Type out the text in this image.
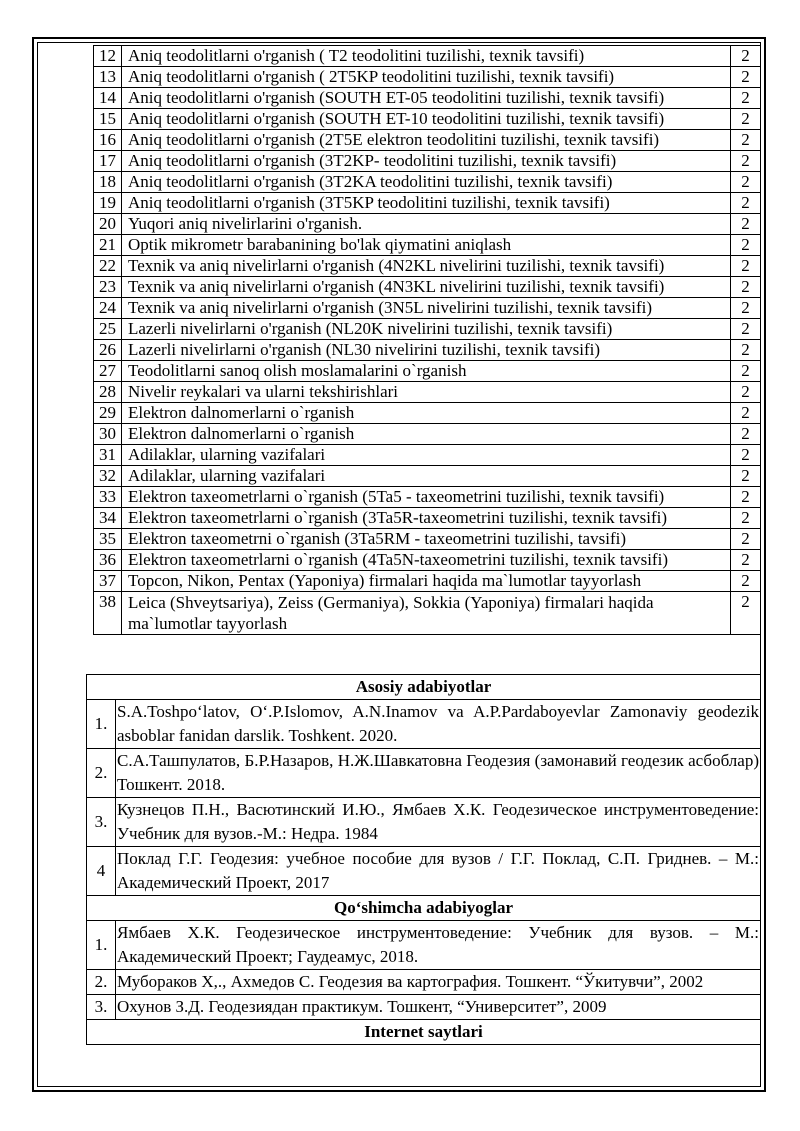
12	Aniq teodolitlarni o'rganish ( T2 teodolitini tuzilishi, texnik tavsifi)	2
13	Aniq teodolitlarni o'rganish ( 2T5KP teodolitini tuzilishi, texnik tavsifi)	2
14	Aniq teodolitlarni o'rganish (SOUTH ET-05 teodolitini tuzilishi, texnik tavsifi)	2
15	Aniq teodolitlarni o'rganish (SOUTH ET-10 teodolitini tuzilishi, texnik tavsifi)	2
16	Aniq teodolitlarni o'rganish (2T5E elektron teodolitini tuzilishi, texnik tavsifi)	2
17	Aniq teodolitlarni o'rganish (3T2KP- teodolitini tuzilishi, texnik tavsifi)	2
18	Aniq teodolitlarni o'rganish (3T2KA teodolitini tuzilishi, texnik tavsifi)	2
19	Aniq teodolitlarni o'rganish (3T5KP teodolitini tuzilishi, texnik tavsifi)	2
20	Yuqori aniq nivelirlarini o'rganish.	2
21	Optik mikrometr barabanining bo'lak qiymatini aniqlash	2
22	Texnik va aniq nivelirlarni o'rganish (4N2KL nivelirini tuzilishi, texnik tavsifi)	2
23	Texnik va aniq nivelirlarni o'rganish (4N3KL nivelirini tuzilishi, texnik tavsifi)	2
24	Texnik va aniq nivelirlarni o'rganish (3N5L nivelirini tuzilishi, texnik tavsifi)	2
25	Lazerli nivelirlarni o'rganish (NL20K nivelirini tuzilishi, texnik tavsifi)	2
26	Lazerli nivelirlarni o'rganish (NL30 nivelirini tuzilishi, texnik tavsifi)	2
27	Teodolitlarni sanoq olish moslamalarini o`rganish	2
28	Nivelir reykalari va ularni tekshirishlari	2
29	Elektron dalnomerlarni o`rganish	2
30	Elektron dalnomerlarni o`rganish	2
31	Adilaklar, ularning vazifalari	2
32	Adilaklar, ularning vazifalari	2
33	Elektron taxeometrlarni o`rganish (5Ta5 - taxeometrini tuzilishi, texnik tavsifi)	2
34	Elektron taxeometrlarni o`rganish (3Ta5R-taxeometrini tuzilishi, texnik tavsifi)	2
35	Elektron taxeometrni o`rganish (3Ta5RM - taxeometrini tuzilishi, tavsifi)	2
36	Elektron taxeometrlarni o`rganish (4Ta5N-taxeometrini tuzilishi, texnik tavsifi)	2
37	Topcon, Nikon, Pentax (Yaponiya) firmalari haqida ma`lumotlar tayyorlash	2
38	Leica (Shveytsariya), Zeiss (Germaniya), Sokkia (Yaponiya) firmalari haqida ma`lumotlar tayyorlash	2
Asosiy adabiyotlar	
1.	S.A.Toshpo‘latov, O‘.P.Islomov, A.N.Inamov va A.P.Pardaboyevlar Zamonaviy geodezik asboblar fanidan darslik. Toshkent. 2020.
2.	С.А.Ташпулатов, Б.Р.Назаров, Н.Ж.Шавкатовна Геодезия (замонавий геодезик асбоблар) Тошкент. 2018.
3.	Кузнецов П.Н., Васютинский И.Ю., Ямбаев Х.К. Геодезическое инструментоведение: Учебник для вузов.-М.: Недра. 1984
4	Поклад Г.Г. Геодезия: учебное пособие для вузов / Г.Г. Поклад, С.П. Гриднев. – М.: Академический Проект, 2017
Qo‘shimcha adabiyoglar	
1.	Ямбаев Х.К. Геодезическое инструментоведение: Учебник для вузов. – М.: Академический Проект; Гаудеамус, 2018.
2.	Мубораков Х,., Ахмедов С. Геодезия ва картография. Тошкент. “Ўкитувчи”, 2002
3.	Охунов З.Д. Геодезиядан практикум. Тошкент, “Университет”, 2009
Internet saytlari	
